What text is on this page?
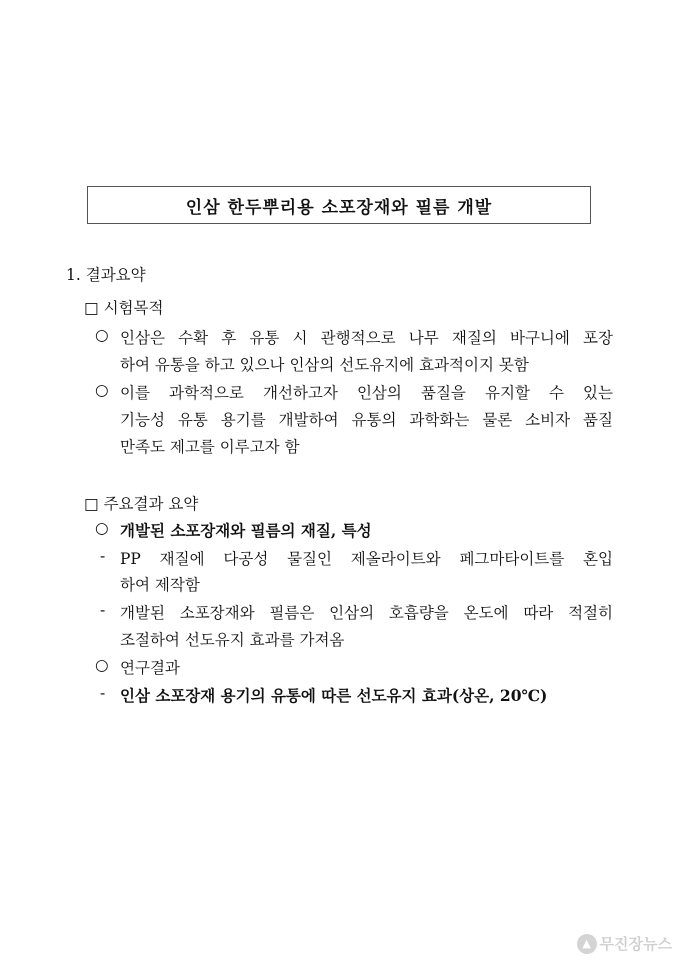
인삼 한두뿌리용 소포장재와 필름 개발
1. 결과요약
□ 시험목적
○ 인삼은 수확 후 유통 시 관행적으로 나무 재질의 바구니에 포장
하여 유통을 하고 있으나 인삼의 선도유지에 효과적이지 못함
○ 이를 과학적으로 개선하고자 인삼의 품질을 유지할 수 있는
기능성 유통 용기를 개발하여 유통의 과학화는 물론 소비자 품질
만족도 제고를 이루고자 함
□ 주요결과 요약
○ 개발된 소포장재와 필름의 재질, 특성
- PP 재질에 다공성 물질인 제올라이트와 페그마타이트를 혼입
하여 제작함
- 개발된 소포장재와 필름은 인삼의 호흡량을 온도에 따라 적절히
조절하여 선도유지 효과를 가져옴
○ 연구결과
- 인삼 소포장재 용기의 유통에 따른 선도유지 효과(상온, 20℃)
▲ 무진장뉴스
